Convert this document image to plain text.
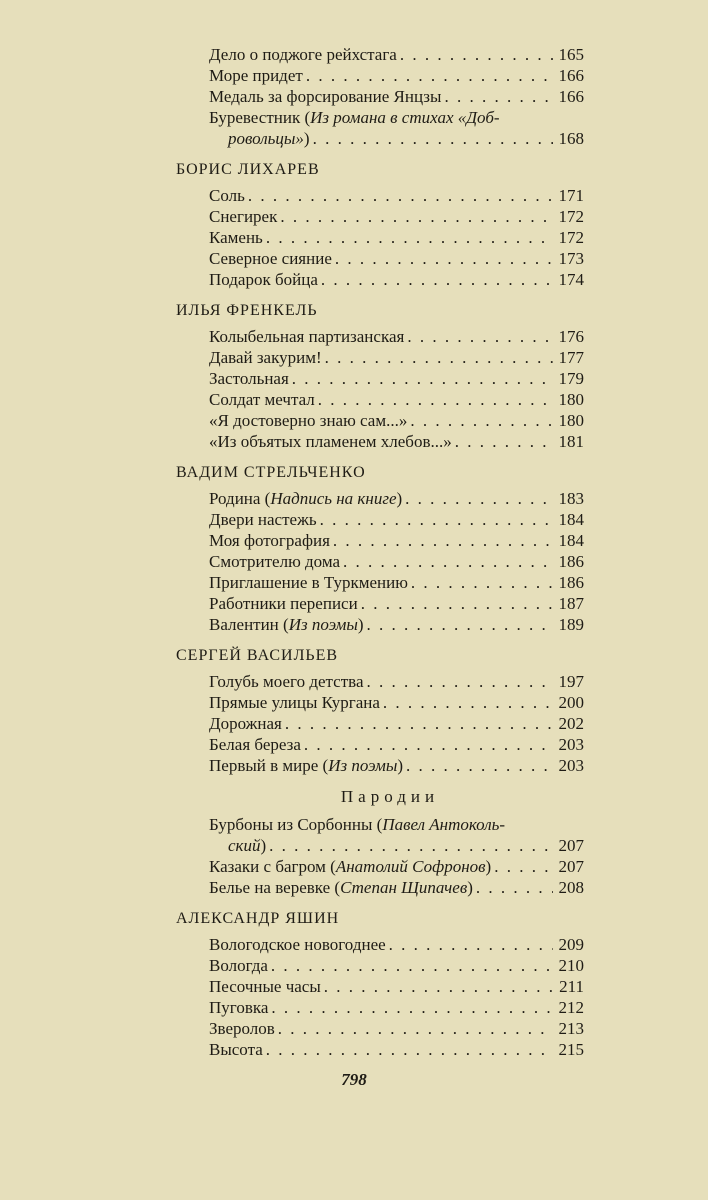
Дело о поджоге рейхстага . . .	165
Море придет . . .	166
Медаль за форсирование Янцзы . . .	166
Буревестник (Из романа в стихах «Доб-
ровольцы») . . .	168
БОРИС ЛИХАРЕВ
Соль . . .	171
Снегирек . . .	172
Камень . . .	172
Северное сияние . . .	173
Подарок бойца . . .	174
ИЛЬЯ ФРЕНКЕЛЬ
Колыбельная партизанская . . .	176
Давай закурим! . . .	177
Застольная . . .	179
Солдат мечтал . . .	180
«Я достоверно знаю сам...» . . .	180
«Из объятых пламенем хлебов...» . . .	181
ВАДИМ СТРЕЛЬЧЕНКО
Родина (Надпись на книге) . . .	183
Двери настежь . . .	184
Моя фотография . . .	184
Смотрителю дома . . .	186
Приглашение в Туркмению . . .	186
Работники переписи . . .	187
Валентин (Из поэмы) . . .	189
СЕРГЕЙ ВАСИЛЬЕВ
Голубь моего детства . . .	197
Прямые улицы Кургана . . .	200
Дорожная . . .	202
Белая береза . . .	203
Первый в мире (Из поэмы) . . .	203
Пародии
Бурбоны из Сорбонны (Павел Антоколь-
ский) . . .	207
Казаки с багром (Анатолий Софронов) . . .	207
Белье на веревке (Степан Щипачев) . . .	208
АЛЕКСАНДР ЯШИН
Вологодское новогоднее . . .	209
Вологда . . .	210
Песочные часы . . .	211
Пуговка . . .	212
Зверолов . . .	213
Высота . . .	215
798
